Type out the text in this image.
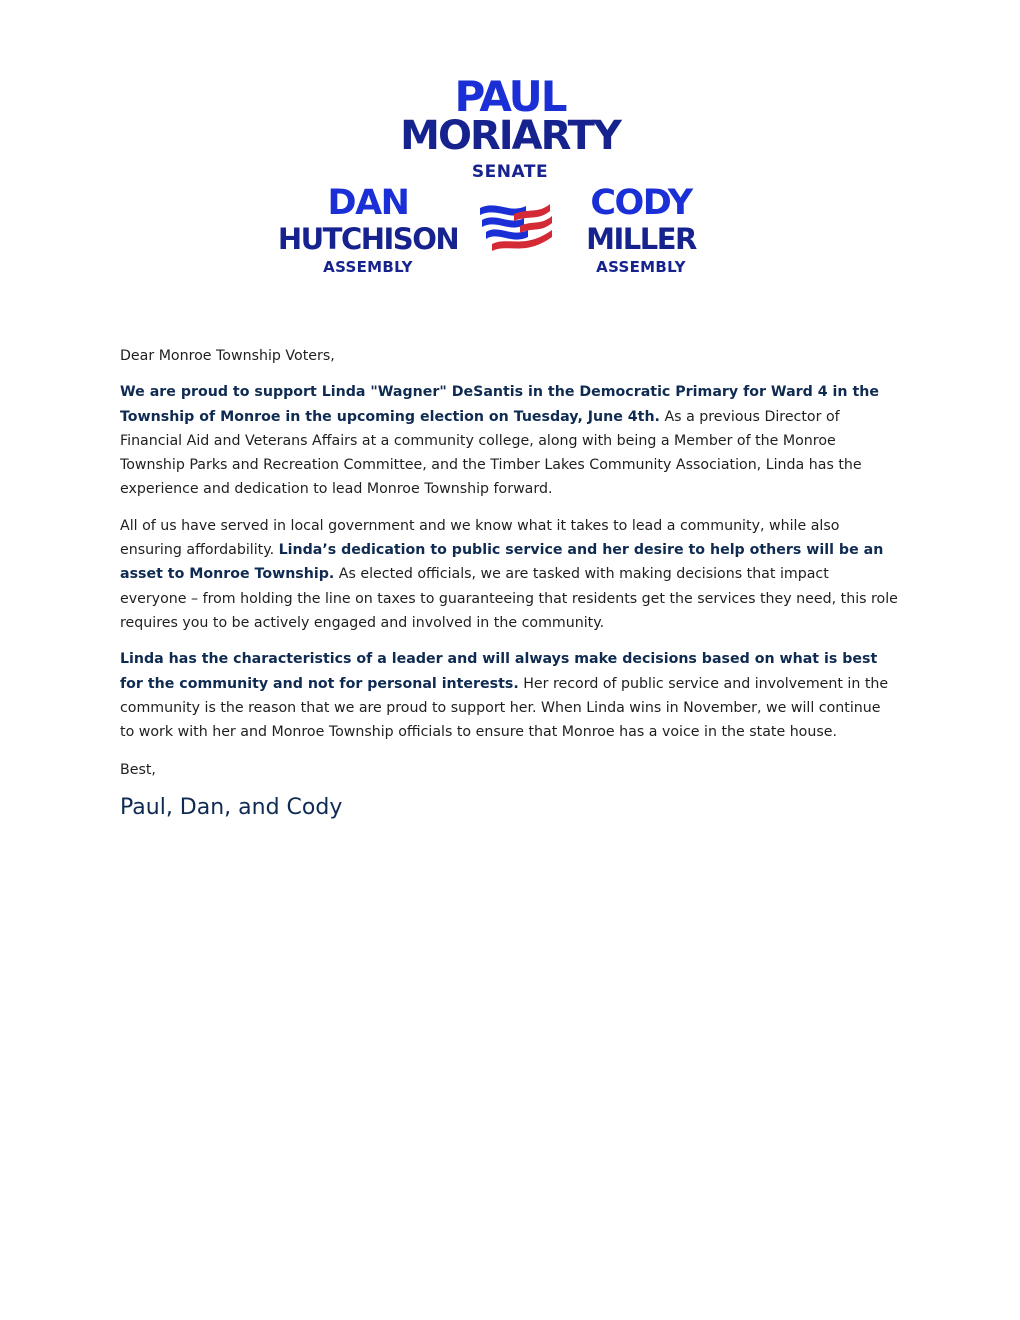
PAUL
MORIARTY
SENATE
DAN
HUTCHISON
ASSEMBLY
CODY
MILLER
ASSEMBLY

Dear Monroe Township Voters,

We are proud to support Linda "Wagner" DeSantis in the Democratic Primary for Ward 4 in the Township of Monroe in the upcoming election on Tuesday, June 4th. As a previous Director of Financial Aid and Veterans Affairs at a community college, along with being a Member of the Monroe Township Parks and Recreation Committee, and the Timber Lakes Community Association, Linda has the experience and dedication to lead Monroe Township forward.

All of us have served in local government and we know what it takes to lead a community, while also ensuring affordability. Linda’s dedication to public service and her desire to help others will be an asset to Monroe Township. As elected officials, we are tasked with making decisions that impact everyone – from holding the line on taxes to guaranteeing that residents get the services they need, this role requires you to be actively engaged and involved in the community.

Linda has the characteristics of a leader and will always make decisions based on what is best for the community and not for personal interests. Her record of public service and involvement in the community is the reason that we are proud to support her. When Linda wins in November, we will continue to work with her and Monroe Township officials to ensure that Monroe has a voice in the state house.

Best,

Paul, Dan, and Cody
